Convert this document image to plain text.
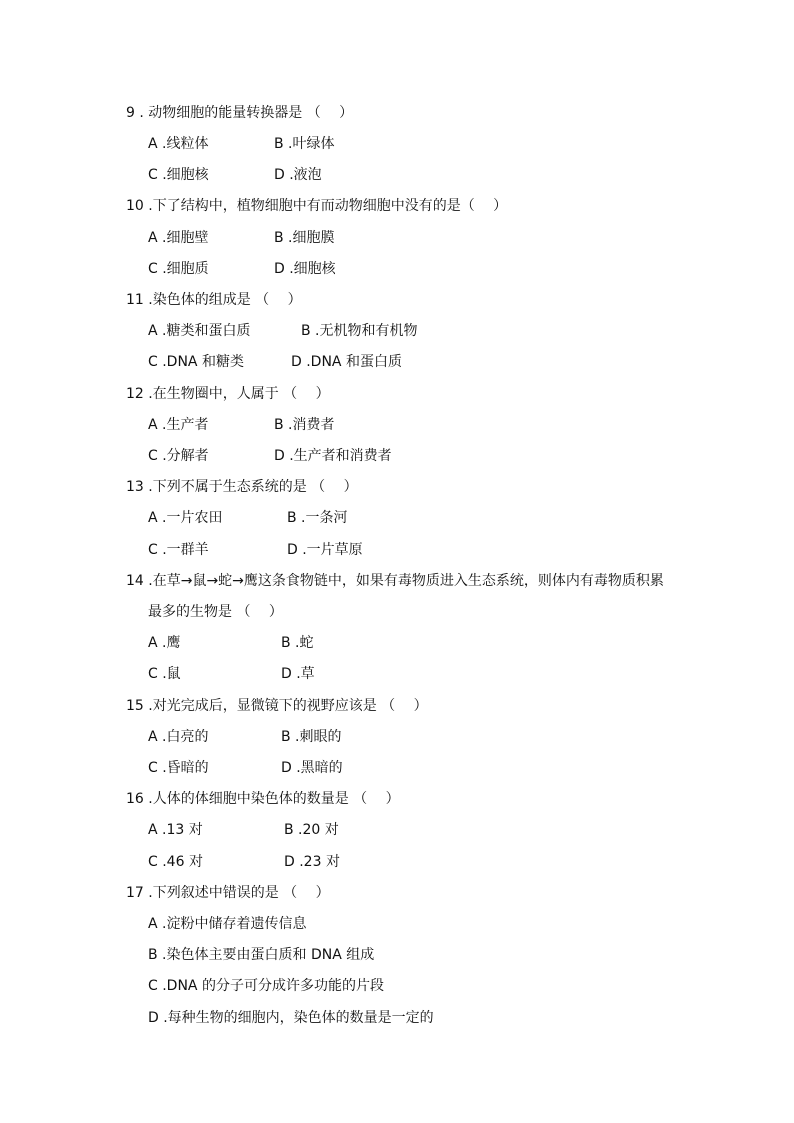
9 . 动物细胞的能量转换器是 （　 ）
A .线粒体	B .叶绿体
C .细胞核	D .液泡
10 .下了结构中，植物细胞中有而动物细胞中没有的是（　 ）
A .细胞壁	B .细胞膜
C .细胞质	D .细胞核
11 .染色体的组成是 （　 ）
A .糖类和蛋白质	B .无机物和有机物
C .DNA 和糖类	D .DNA 和蛋白质
12 .在生物圈中，人属于 （　 ）
A .生产者	B .消费者
C .分解者	D .生产者和消费者
13 .下列不属于生态系统的是 （　 ）
A .一片农田	B .一条河
C .一群羊	D .一片草原
14 .在草→鼠→蛇→鹰这条食物链中，如果有毒物质进入生态系统，则体内有毒物质积累
最多的生物是 （　 ）
A .鹰	B .蛇
C .鼠	D .草
15 .对光完成后，显微镜下的视野应该是 （　 ）
A .白亮的	B .刺眼的
C .昏暗的	D .黑暗的
16 .人体的体细胞中染色体的数量是 （　 ）
A .13 对	B .20 对
C .46 对	D .23 对
17 .下列叙述中错误的是 （　 ）
A .淀粉中储存着遗传信息
B .染色体主要由蛋白质和 DNA 组成
C .DNA 的分子可分成许多功能的片段
D .每种生物的细胞内，染色体的数量是一定的
